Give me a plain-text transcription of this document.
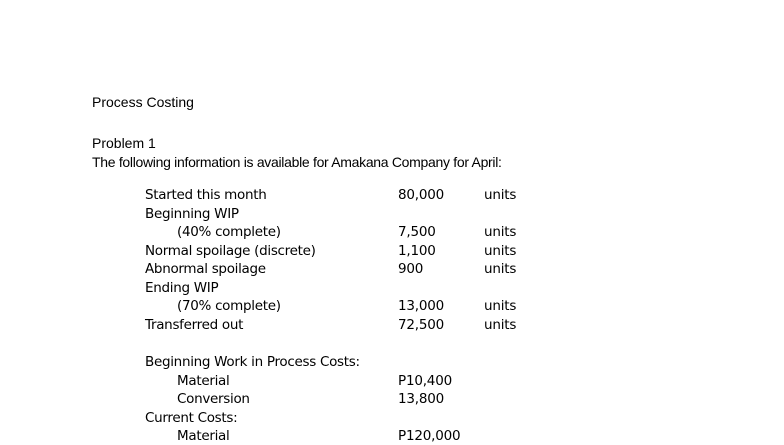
Process Costing
Problem 1
The following information is available for Amakana Company for April:
Started this month	80,000	units
Beginning WIP
(40% complete)	7,500	units
Normal spoilage (discrete)	1,100	units
Abnormal spoilage	900	units
Ending WIP
(70% complete)	13,000	units
Transferred out	72,500	units
Beginning Work in Process Costs:
Material	P10,400
Conversion	13,800
Current Costs:
Material	P120,000
